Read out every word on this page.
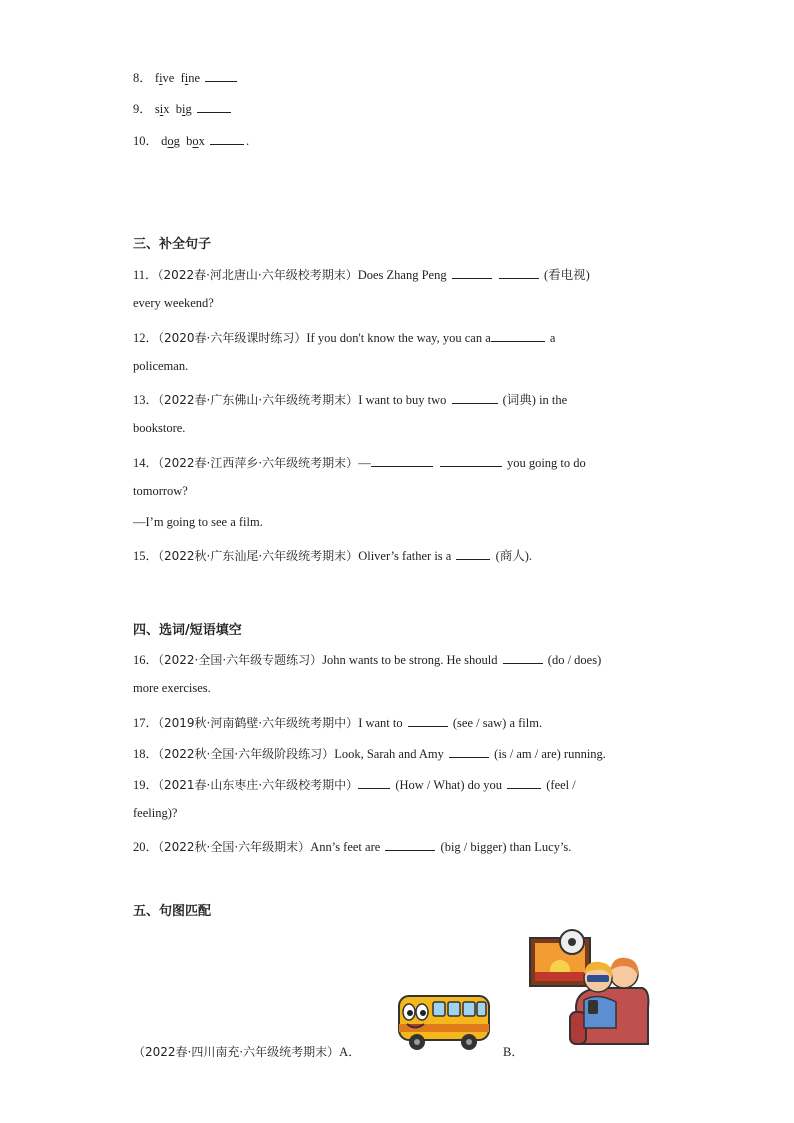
8． five fine
9． six big
10． dog box	.
三、补全句子
11．（2022春·河北唐山·六年级校考期末）Does Zhang Peng	(看电视)
every weekend?
12．（2020春·六年级课时练习）If you don't know the way, you can a	a
policeman.
13．（2022春·广东佛山·六年级统考期末）I want to buy two	(词典) in the
bookstore.
14．（2022春·江西萍乡·六年级统考期末）—	you going to do
tomorrow?
—I’m going to see a film.
15．（2022秋·广东汕尾·六年级统考期末）Oliver’s father is a	(商人).
四、选词/短语填空
16．（2022·全国·六年级专题练习）John wants to be strong. He should	(do / does)
more exercises.
17．（2019秋·河南鹤壁·六年级统考期中）I want to	(see / saw) a film.
18．（2022秋·全国·六年级阶段练习）Look, Sarah and Amy	(is / am / are) running.
19．（2021春·山东枣庄·六年级校考期中）	(How / What) do you	(feel /
feeling)?
20．（2022秋·全国·六年级期末）Ann’s feet are	(big / bigger) than Lucy’s.
五、句图匹配
（2022春·四川南充·六年级统考期末）A．	B．
